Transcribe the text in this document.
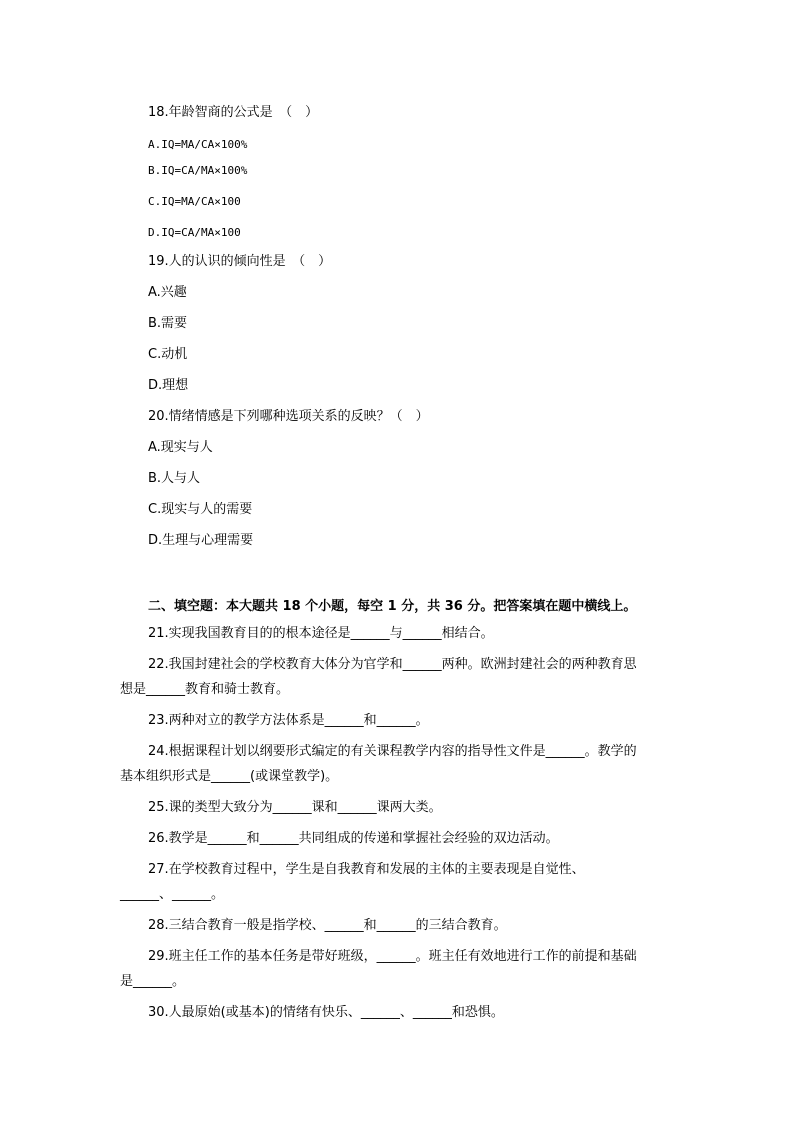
18.年龄智商的公式是　（　）
A.IQ=MA/CA×100%
B.IQ=CA/MA×100%
C.IQ=MA/CA×100
D.IQ=CA/MA×100
19.人的认识的倾向性是　（　）
A.兴趣
B.需要
C.动机
D.理想
20.情绪情感是下列哪种选项关系的反映？（　）
A.现实与人
B.人与人
C.现实与人的需要
D.生理与心理需要
二、填空题：本大题共 18 个小题，每空 1 分，共 36 分。把答案填在题中横线上。
21.实现我国教育目的的根本途径是______与______相结合。
22.我国封建社会的学校教育大体分为官学和______两种。欧洲封建社会的两种教育思
想是______教育和骑士教育。
23.两种对立的教学方法体系是______和______。
24.根据课程计划以纲要形式编定的有关课程教学内容的指导性文件是______。教学的
基本组织形式是______(或课堂教学)。
25.课的类型大致分为______课和______课两大类。
26.教学是______和______共同组成的传递和掌握社会经验的双边活动。
27.在学校教育过程中，学生是自我教育和发展的主体的主要表现是自觉性、
______、______。
28.三结合教育一般是指学校、______和______的三结合教育。
29.班主任工作的基本任务是带好班级，______。班主任有效地进行工作的前提和基础
是______。
30.人最原始(或基本)的情绪有快乐、______、______和恐惧。
